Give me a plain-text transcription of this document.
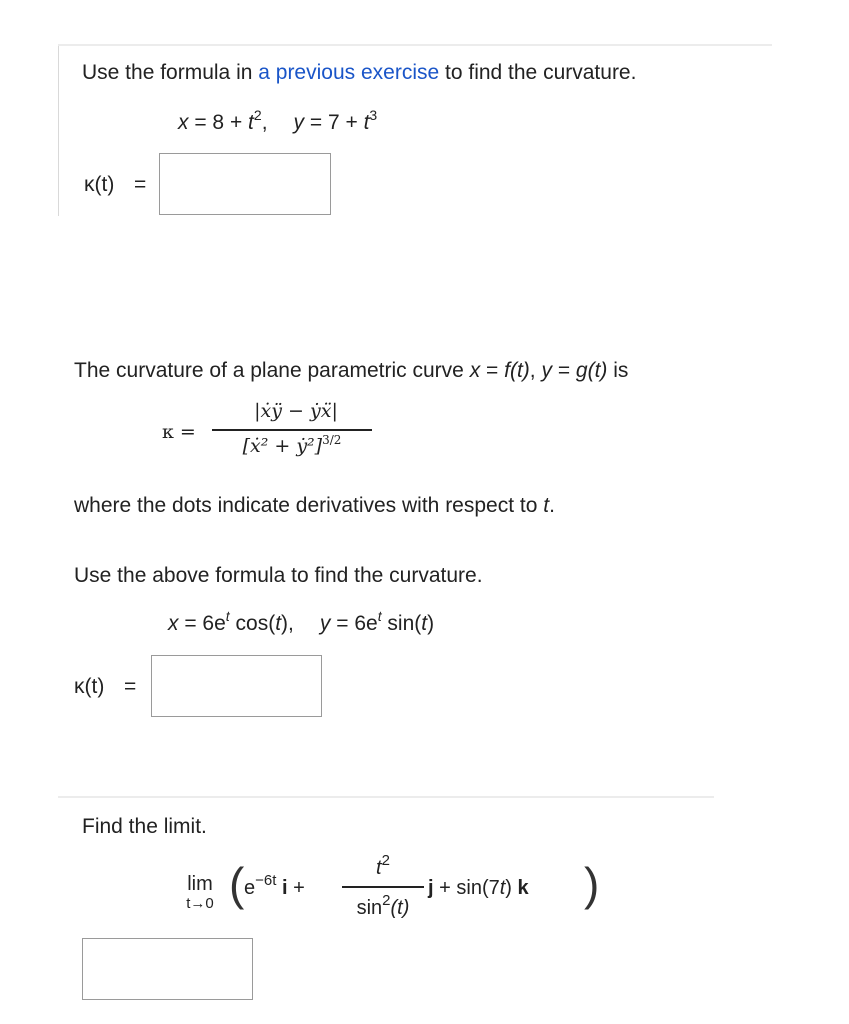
Use the formula in a previous exercise to find the curvature.
$x = 8 + t^2$, $y = 7 + t^3$
κ(t) =
The curvature of a plane parametric curve x = f(t), y = g(t) is
κ =
|ẋÿ − ẏẍ|
[ẋ² + ẏ²]$^{3/2}$
where the dots indicate derivatives with respect to t.
Use the above formula to find the curvature.
$x = 6e^t$ cos(t), $y = 6e^t$ sin(t)
κ(t) =
Find the limit.
lim
t→0 ( $e^{-6t}$ i +
$t^2$
$\sin^2(t)$
j + sin(7t) k )
